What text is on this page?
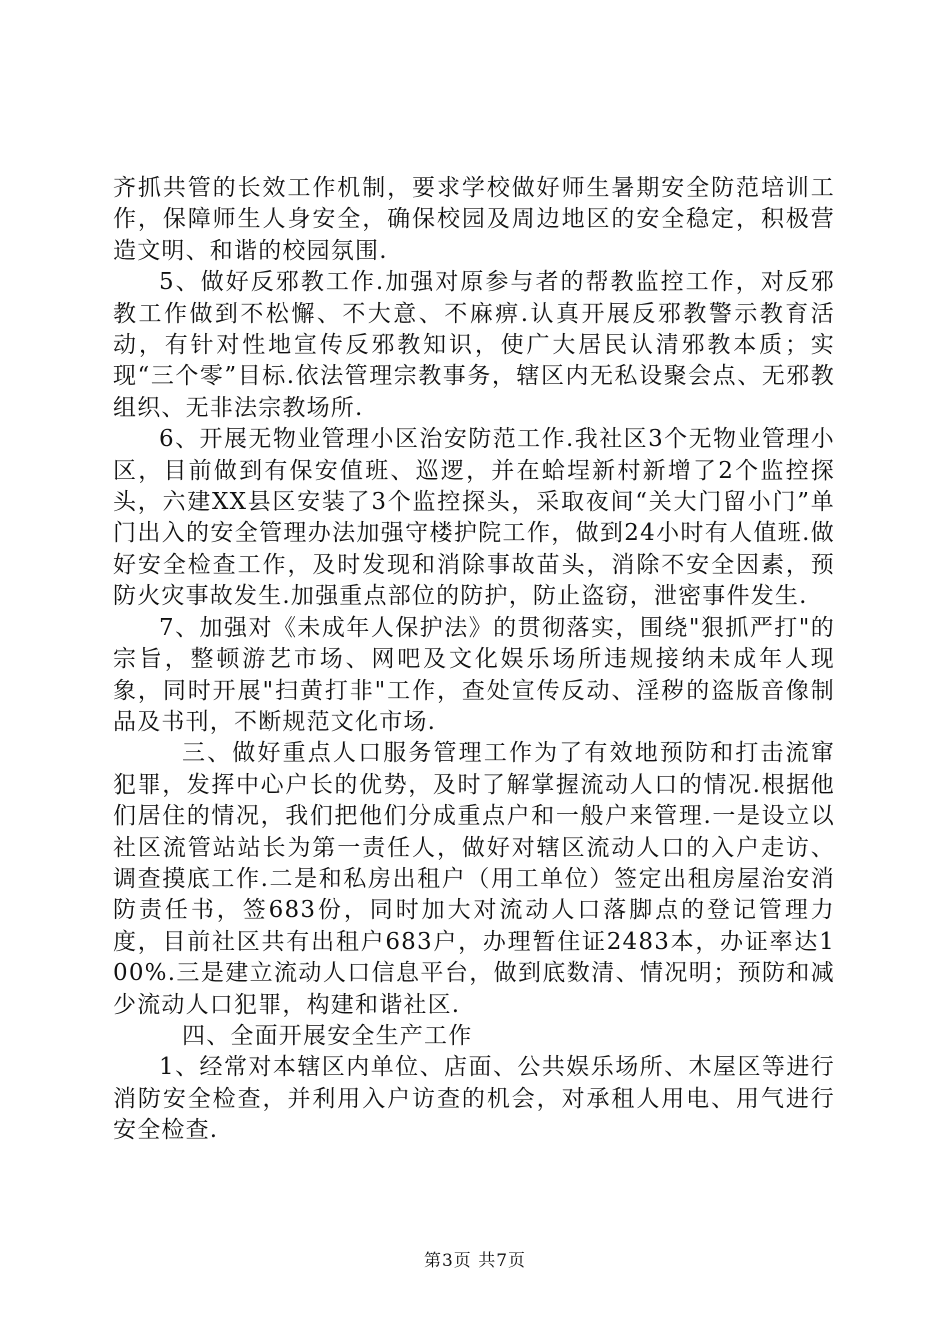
齐抓共管的长效工作机制，要求学校做好师生暑期安全防范培训工作，保障师生人身安全，确保校园及周边地区的安全稳定，积极营造文明、和谐的校园氛围.

5、做好反邪教工作.加强对原参与者的帮教监控工作，对反邪教工作做到不松懈、不大意、不麻痹.认真开展反邪教警示教育活动，有针对性地宣传反邪教知识，使广大居民认清邪教本质；实现“三个零”目标.依法管理宗教事务，辖区内无私设聚会点、无邪教组织、无非法宗教场所.

6、开展无物业管理小区治安防范工作.我社区3个无物业管理小区，目前做到有保安值班、巡逻，并在蛤埕新村新增了2个监控探头，六建XX县区安装了3个监控探头，采取夜间“关大门留小门”单门出入的安全管理办法加强守楼护院工作，做到24小时有人值班.做好安全检查工作，及时发现和消除事故苗头，消除不安全因素，预防火灾事故发生.加强重点部位的防护，防止盗窃，泄密事件发生.

7、加强对《未成年人保护法》的贯彻落实，围绕"狠抓严打"的宗旨，整顿游艺市场、网吧及文化娱乐场所违规接纳未成年人现象，同时开展"扫黄打非"工作，查处宣传反动、淫秽的盗版音像制品及书刊，不断规范文化市场.

三、做好重点人口服务管理工作为了有效地预防和打击流窜犯罪，发挥中心户长的优势，及时了解掌握流动人口的情况.根据他们居住的情况，我们把他们分成重点户和一般户来管理.一是设立以社区流管站站长为第一责任人，做好对辖区流动人口的入户走访、调查摸底工作.二是和私房出租户（用工单位）签定出租房屋治安消防责任书，签683份，同时加大对流动人口落脚点的登记管理力度，目前社区共有出租户683户，办理暂住证2483本，办证率达100%.三是建立流动人口信息平台，做到底数清、情况明；预防和减少流动人口犯罪，构建和谐社区.

四、全面开展安全生产工作

1、经常对本辖区内单位、店面、公共娱乐场所、木屋区等进行消防安全检查，并利用入户访查的机会，对承租人用电、用气进行安全检查.

第3页 共7页
